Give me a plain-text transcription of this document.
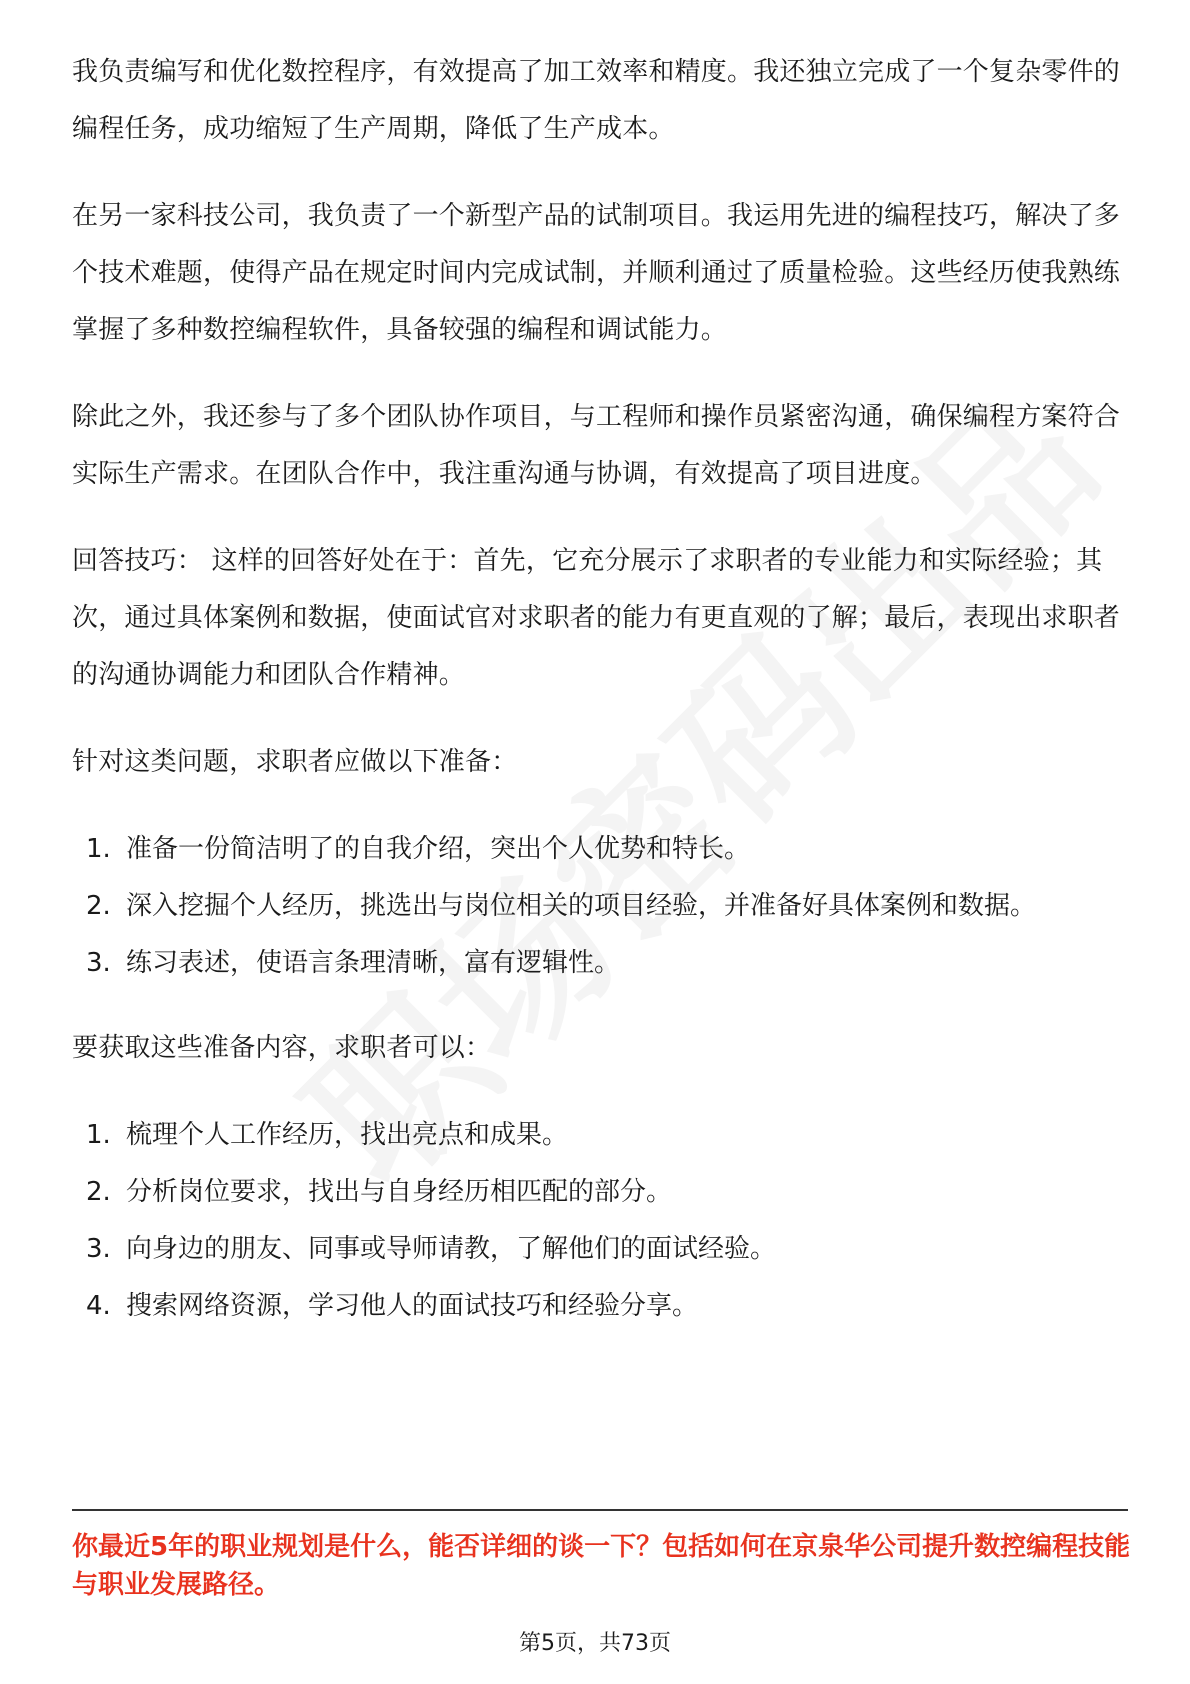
我负责编写和优化数控程序，有效提高了加工效率和精度。我还独立完成了一个复杂零件的编程任务，成功缩短了生产周期，降低了生产成本。

在另一家科技公司，我负责了一个新型产品的试制项目。我运用先进的编程技巧，解决了多个技术难题，使得产品在规定时间内完成试制，并顺利通过了质量检验。这些经历使我熟练掌握了多种数控编程软件，具备较强的编程和调试能力。

除此之外，我还参与了多个团队协作项目，与工程师和操作员紧密沟通，确保编程方案符合实际生产需求。在团队合作中，我注重沟通与协调，有效提高了项目进度。

回答技巧： 这样的回答好处在于：首先，它充分展示了求职者的专业能力和实际经验；其次，通过具体案例和数据，使面试官对求职者的能力有更直观的了解；最后，表现出求职者的沟通协调能力和团队合作精神。

针对这类问题，求职者应做以下准备：

1. 准备一份简洁明了的自我介绍，突出个人优势和特长。
2. 深入挖掘个人经历，挑选出与岗位相关的项目经验，并准备好具体案例和数据。
3. 练习表述，使语言条理清晰，富有逻辑性。

要获取这些准备内容，求职者可以：

1. 梳理个人工作经历，找出亮点和成果。
2. 分析岗位要求，找出与自身经历相匹配的部分。
3. 向身边的朋友、同事或导师请教，了解他们的面试经验。
4. 搜索网络资源，学习他人的面试技巧和经验分享。
你最近5年的职业规划是什么，能否详细的谈一下？包括如何在京泉华公司提升数控编程技能与职业发展路径。
第5页，共73页
